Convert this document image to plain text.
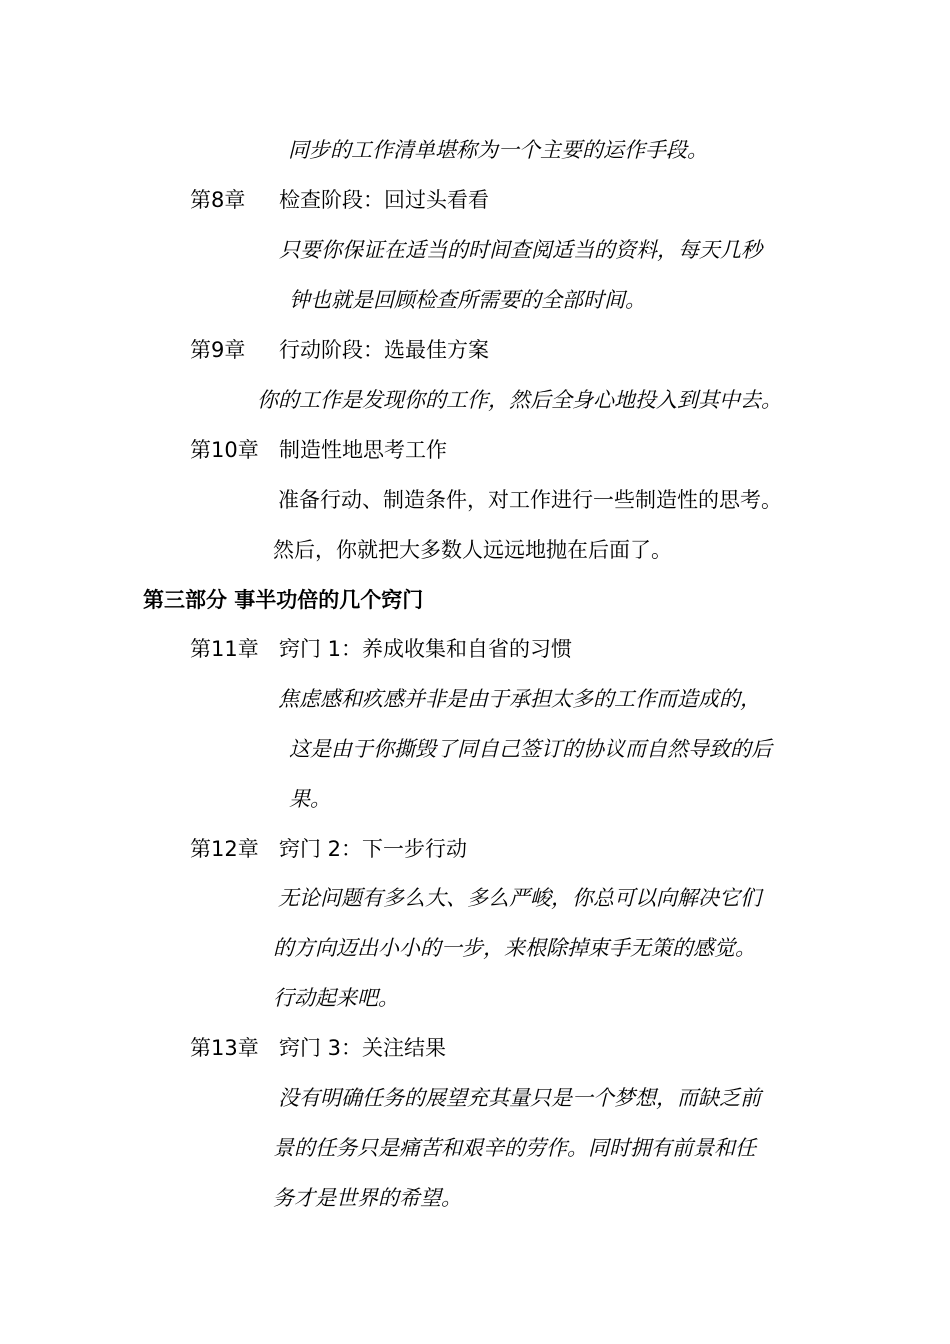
同步的工作清单堪称为一个主要的运作手段。
第8章 检查阶段：回过头看看
只要你保证在适当的时间查阅适当的资料，每天几秒
钟也就是回顾检查所需要的全部时间。
第9章 行动阶段：选最佳方案
你的工作是发现你的工作，然后全身心地投入到其中去。
第10章 制造性地思考工作
准备行动、制造条件，对工作进行一些制造性的思考。
然后，你就把大多数人远远地抛在后面了。
第三部分 事半功倍的几个窍门
第11章 窍门 1：养成收集和自省的习惯
焦虑感和疚感并非是由于承担太多的工作而造成的，
这是由于你撕毁了同自己签订的协议而自然导致的后
果。
第12章 窍门 2：下一步行动
无论问题有多么大、多么严峻，你总可以向解决它们
的方向迈出小小的一步，来根除掉束手无策的感觉。
行动起来吧。
第13章 窍门 3：关注结果
没有明确任务的展望充其量只是一个梦想，而缺乏前
景的任务只是痛苦和艰辛的劳作。同时拥有前景和任
务才是世界的希望。
